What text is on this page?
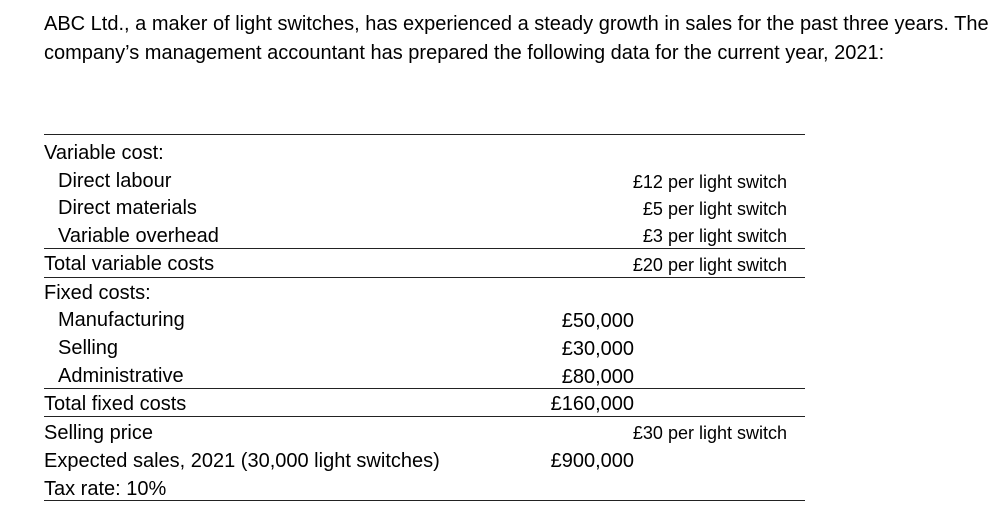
ABC Ltd., a maker of light switches, has experienced a steady growth in sales for the past three years. The company’s management accountant has prepared the following data for the current year, 2021:
Variable cost:
Direct labour	£12 per light switch
Direct materials	£5 per light switch
Variable overhead	£3 per light switch
Total variable costs	£20 per light switch
Fixed costs:
Manufacturing	£50,000
Selling	£30,000
Administrative	£80,000
Total fixed costs	£160,000
Selling price	£30 per light switch
Expected sales, 2021 (30,000 light switches)	£900,000
Tax rate: 10%
